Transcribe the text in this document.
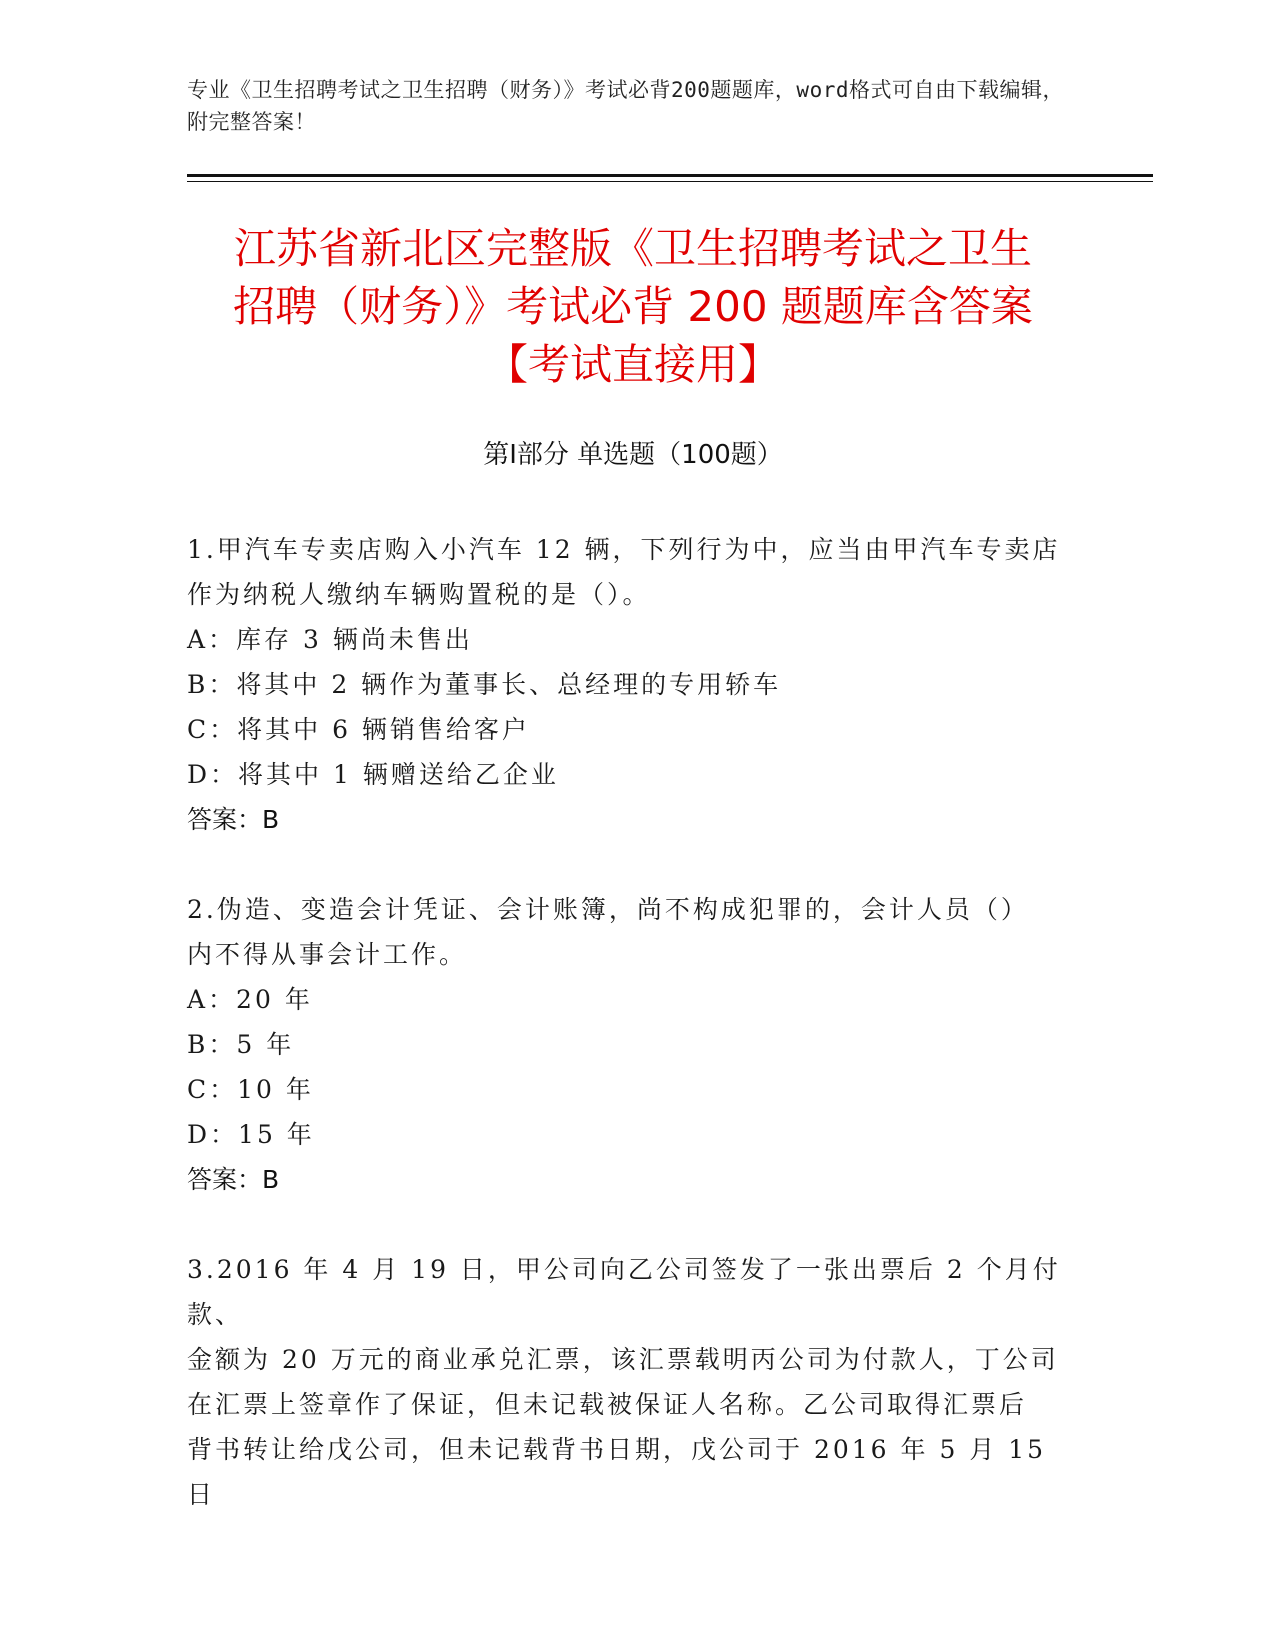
专业《卫生招聘考试之卫生招聘（财务）》考试必背200题题库，word格式可自由下载编辑，附完整答案！
江苏省新北区完整版《卫生招聘考试之卫生
招聘（财务）》考试必背 200 题题库含答案
【考试直接用】
第Ⅰ部分 单选题（100题）

1.甲汽车专卖店购入小汽车 12 辆，下列行为中，应当由甲汽车专卖店

作为纳税人缴纳车辆购置税的是（）。

A：库存 3 辆尚未售出

B：将其中 2 辆作为董事长、总经理的专用轿车

C：将其中 6 辆销售给客户

D：将其中 1 辆赠送给乙企业

答案：B

2.伪造、变造会计凭证、会计账簿，尚不构成犯罪的，会计人员（）

内不得从事会计工作。

A：20 年

B：5 年

C：10 年

D：15 年

答案：B

3.2016 年 4 月 19 日，甲公司向乙公司签发了一张出票后 2 个月付款、

金额为 20 万元的商业承兑汇票，该汇票载明丙公司为付款人，丁公司

在汇票上签章作了保证，但未记载被保证人名称。乙公司取得汇票后

背书转让给戊公司，但未记载背书日期，戊公司于 2016 年 5 月 15 日
